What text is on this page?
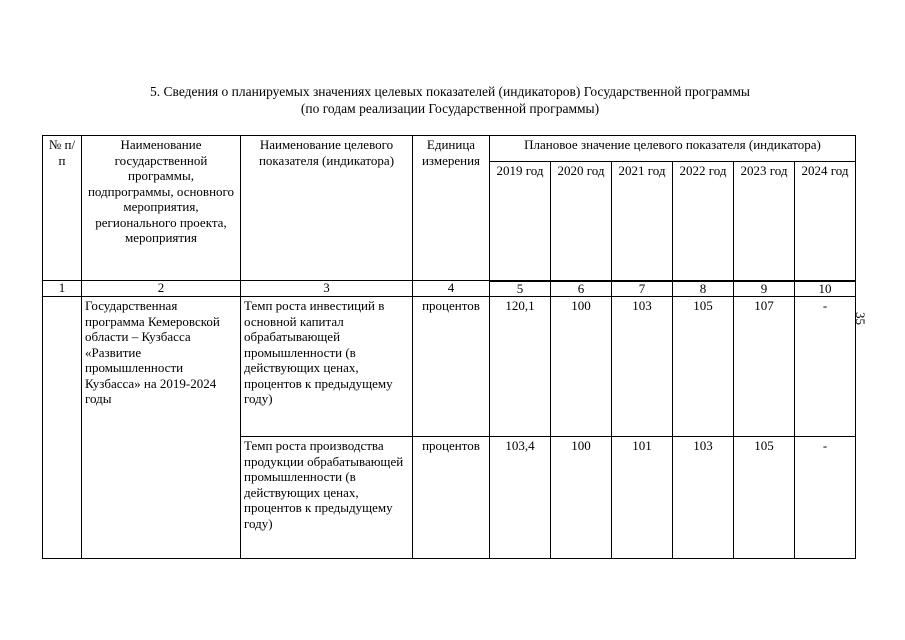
5. Сведения о планируемых значениях целевых показателей (индикаторов) Государственной программы
(по годам реализации Государственной программы)
№ п/п	Наименование государственной программы, подпрограммы, основного мероприятия, регионального проекта, мероприятия	Наименование целевого показателя (индикатора)	Единица измерения	Плановое значение целевого показателя (индикатора)					
				2019 год	2020 год	2021 год	2022 год	2023 год	2024 год
1	2	3	4	5	6	7	8	9	10
	Государственная программа Кемеровской области – Кузбасса «Развитие промышленности Кузбасса» на 2019-2024 годы	Темп роста инвестиций в основной капитал обрабатывающей промышленности (в действующих ценах, процентов к предыдущему году)	процентов	120,1	100	103	105	107	-
		Темп роста производства продукции обрабатывающей промышленности (в действующих ценах, процентов к предыдущему году)	процентов	103,4	100	101	103	105	-
35
